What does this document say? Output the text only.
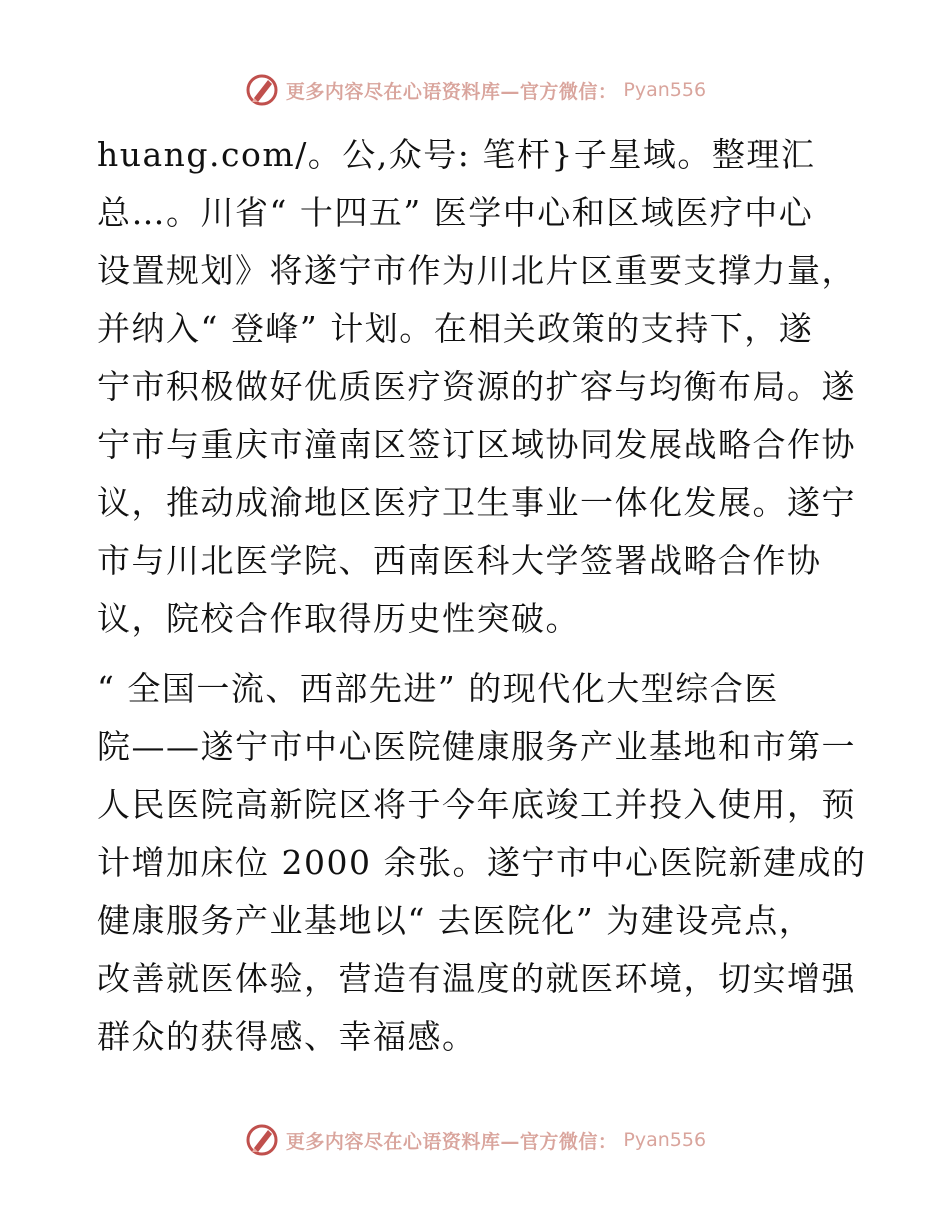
更多内容尽在心语资料库—官方微信： Pyan556
huang.com/。公,众号: 笔杆}子星域。整理汇
总…。川省“ 十四五” 医学中心和区域医疗中心
设置规划》将遂宁市作为川北片区重要支撑力量，
并纳入“ 登峰” 计划。在相关政策的支持下，遂
宁市积极做好优质医疗资源的扩容与均衡布局。遂
宁市与重庆市潼南区签订区域协同发展战略合作协
议，推动成渝地区医疗卫生事业一体化发展。遂宁
市与川北医学院、西南医科大学签署战略合作协
议，院校合作取得历史性突破。
“ 全国一流、西部先进” 的现代化大型综合医
院——遂宁市中心医院健康服务产业基地和市第一
人民医院高新院区将于今年底竣工并投入使用，预
计增加床位 2000 余张。遂宁市中心医院新建成的
健康服务产业基地以“ 去医院化” 为建设亮点，
改善就医体验，营造有温度的就医环境，切实增强
群众的获得感、幸福感。
更多内容尽在心语资料库—官方微信： Pyan556
